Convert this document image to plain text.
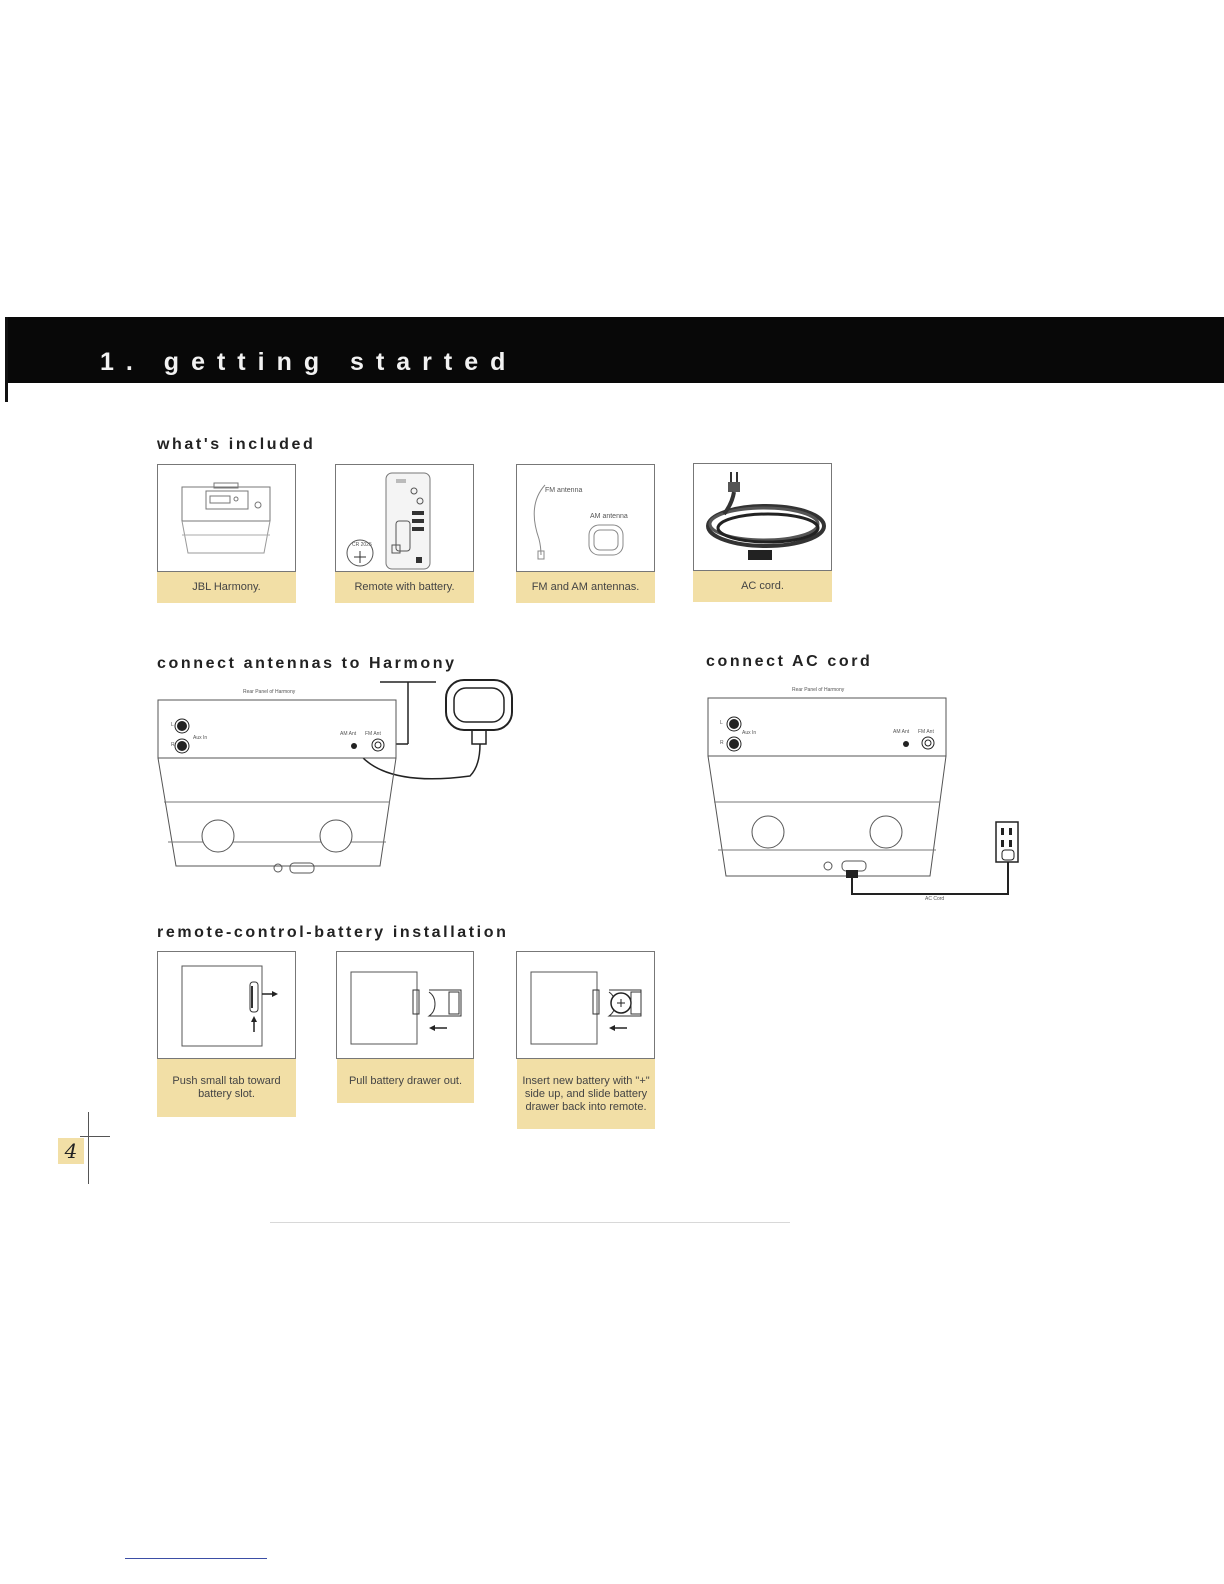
1. getting started
what's included
JBL Harmony.
CR 2025
Remote with battery.
FM antenna
AM antenna
FM and AM antennas.	AC cord.
connect antennas to Harmony
Rear Panel of Harmony
L
R
Aux In
AM Ant FM Ant
connect AC cord
Rear Panel of Harmony
L
R
Aux In	AM Ant FM Ant
AC Cord
remote-control-battery installation
Push small tab toward battery slot.
Pull battery drawer out.	Insert new battery with "+" side up, and slide battery drawer back into remote.
4
